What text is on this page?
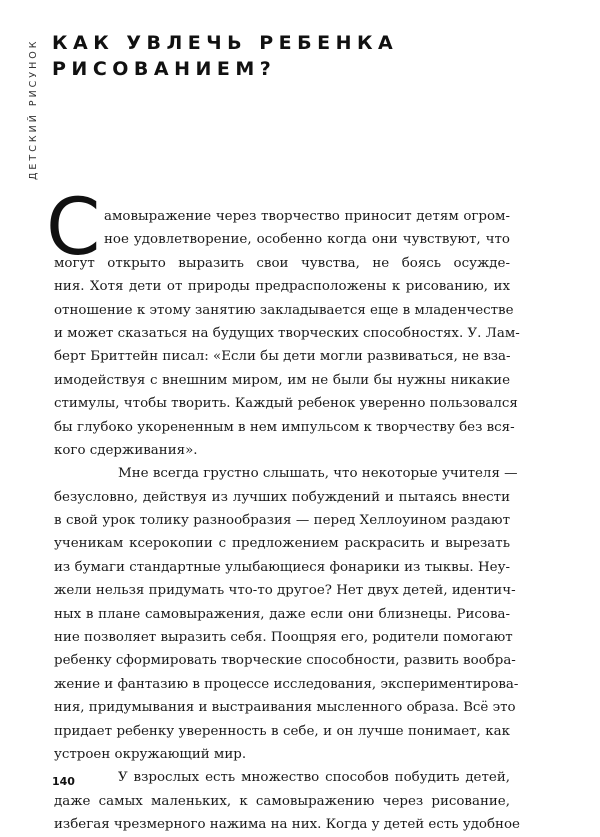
ДЕТСКИЙ РИСУНОК КАК УВЛЕЧЬ РЕБЕНКА
РИСОВАНИЕМ?
С амовыражение через творчество приносит детям огром-
ное удовлетворение, особенно когда они чувствуют, что
могут открыто выразить свои чувства, не боясь осужде-
ния. Хотя дети от природы предрасположены к рисованию, их
отношение к этому занятию закладывается еще в младенчестве
и может сказаться на будущих творческих способностях. У. Лам-
берт Бриттейн писал: «Если бы дети могли развиваться, не вза-
имодействуя с внешним миром, им не были бы нужны никакие
стимулы, чтобы творить. Каждый ребенок уверенно пользовался
бы глубоко укорененным в нем импульсом к творчеству без вся-
кого сдерживания».
Мне всегда грустно слышать, что некоторые учителя —
безусловно, действуя из лучших побуждений и пытаясь внести
в свой урок толику разнообразия — перед Хеллоуином раздают
ученикам ксерокопии с предложением раскрасить и вырезать
из бумаги стандартные улыбающиеся фонарики из тыквы. Неу-
жели нельзя придумать что-то другое? Нет двух детей, идентич-
ных в плане самовыражения, даже если они близнецы. Рисова-
ние позволяет выразить себя. Поощряя его, родители помогают
ребенку сформировать творческие способности, развить вообра-
жение и фантазию в процессе исследования, экспериментирова-
ния, придумывания и выстраивания мысленного образа. Всё это
придает ребенку уверенность в себе, и он лучше понимает, как
устроен окружающий мир.
У взрослых есть множество способов побудить детей,
даже самых маленьких, к самовыражению через рисование,
избегая чрезмерного нажима на них. Когда у детей есть удобное
140
